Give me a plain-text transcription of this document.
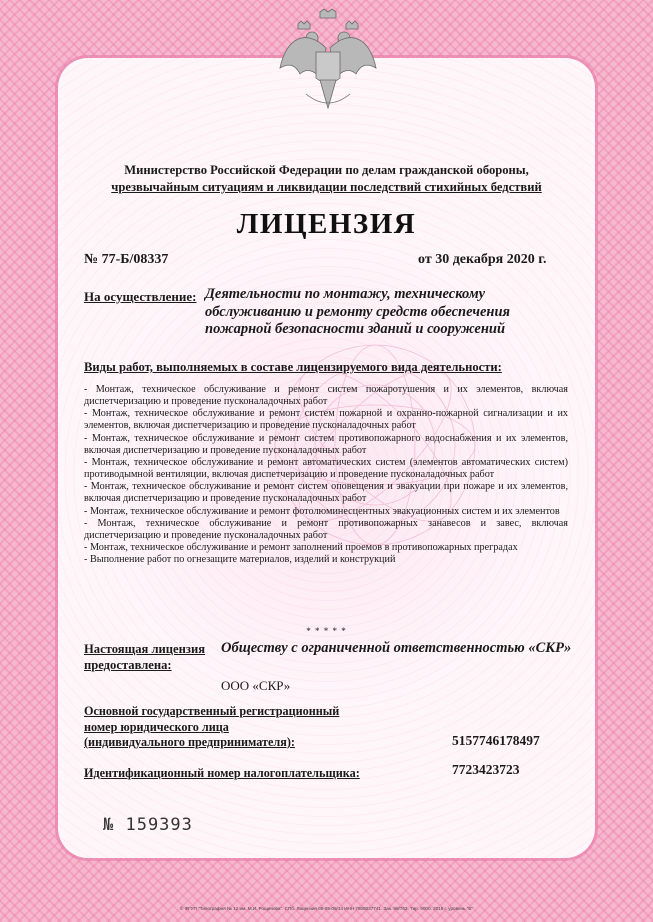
Министерство Российской Федерации по делам гражданской обороны,
чрезвычайным ситуациям и ликвидации последствий стихийных бедствий
ЛИЦЕНЗИЯ
№ 77-Б/08337	от 30 декабря 2020 г.
На осуществление: Деятельности по монтажу, техническому
обслуживанию и ремонту средств обеспечения
пожарной безопасности зданий и сооружений
Виды работ, выполняемых в составе лицензируемого вида деятельности:

- Монтаж, техническое обслуживание и ремонт систем пожаротушения и их элементов, включая диспетчеризацию и проведение пусконаладочных работ

- Монтаж, техническое обслуживание и ремонт систем пожарной и охранно-пожарной сигнализации и их элементов, включая диспетчеризацию и проведение пусконаладочных работ

- Монтаж, техническое обслуживание и ремонт систем противопожарного водоснабжения и их элементов, включая диспетчеризацию и проведение пусконаладочных работ

- Монтаж, техническое обслуживание и ремонт автоматических систем (элементов автоматических систем) противодымной вентиляции, включая диспетчеризацию и проведение пусконаладочных работ

- Монтаж, техническое обслуживание и ремонт систем оповещения и эвакуации при пожаре и их элементов, включая диспетчеризацию и проведение пусконаладочных работ

- Монтаж, техническое обслуживание и ремонт фотолюминесцентных эвакуационных систем и их элементов

- Монтаж, техническое обслуживание и ремонт противопожарных занавесов и завес, включая диспетчеризацию и проведение пусконаладочных работ

- Монтаж, техническое обслуживание и ремонт заполнений проемов в противопожарных преградах

- Выполнение работ по огнезащите материалов, изделий и конструкций

* * * * *
Настоящая лицензия
предоставлена:
Обществу с ограниченной ответственностью «СКР»
ООО «СКР»
Основной государственный регистрационный
номер юридического лица
(индивидуального предпринимателя):	5157746178497
Идентификационный номер налогоплательщика:	7723423723
№ 159393
© ФГУП "Типография № 12 им. М.И. Рощинова". СПб. Лицензия 05-05-09/14 ИНН 7808037741. Зак. 98/763. Тир. 9000. 2018 г. уровень "Б"
